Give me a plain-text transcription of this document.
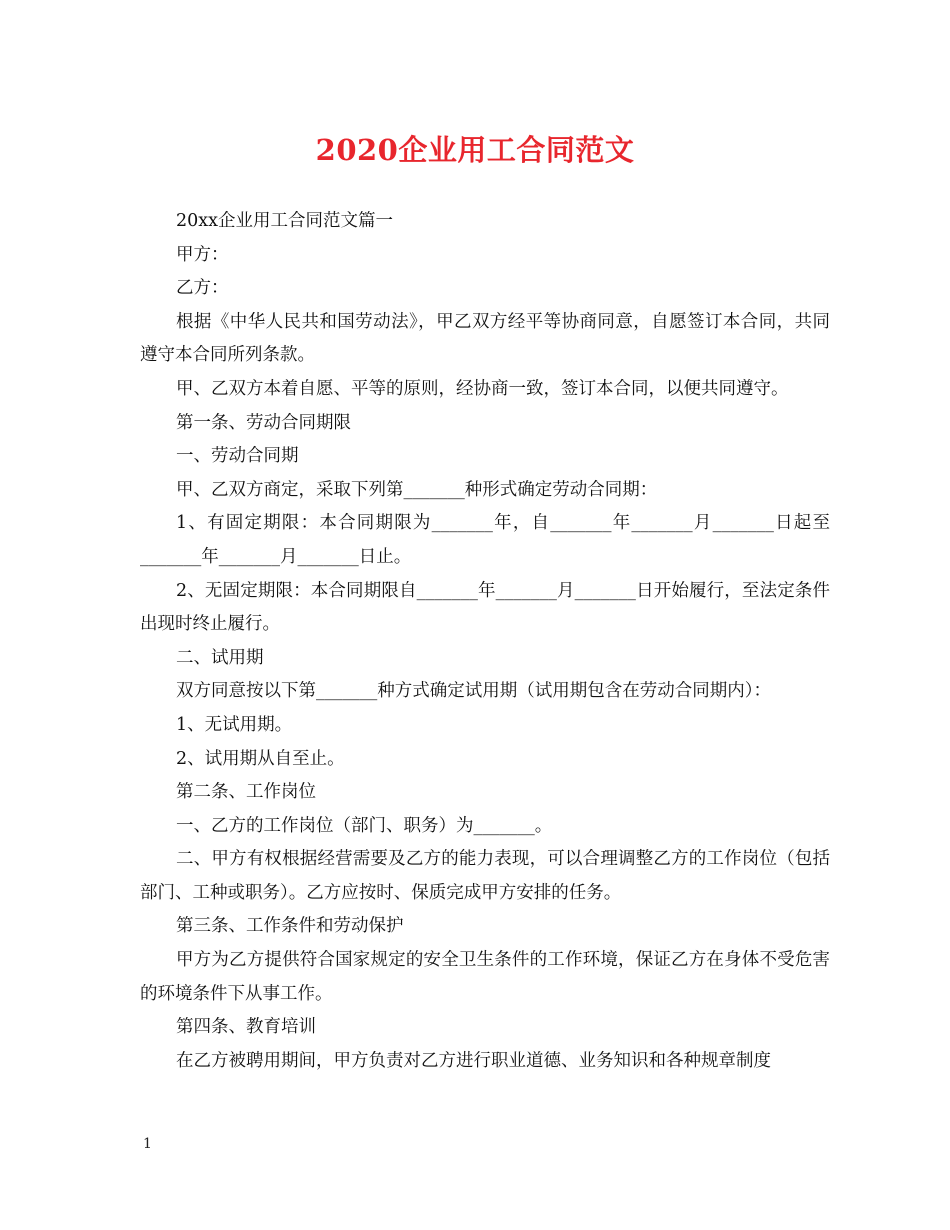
2020企业用工合同范文

20xx企业用工合同范文篇一

甲方：

乙方：

根据《中华人民共和国劳动法》，甲乙双方经平等协商同意，自愿签订本合同，共同遵守本合同所列条款。

甲、乙双方本着自愿、平等的原则，经协商一致，签订本合同，以便共同遵守。

第一条、劳动合同期限

一、劳动合同期

甲、乙双方商定，采取下列第_______种形式确定劳动合同期：

1、有固定期限：本合同期限为_______年，自_______年_______月_______日起至_______年_______月_______日止。

2、无固定期限：本合同期限自_______年_______月_______日开始履行，至法定条件出现时终止履行。

二、试用期

双方同意按以下第_______种方式确定试用期（试用期包含在劳动合同期内）：

1、无试用期。

2、试用期从自至止。

第二条、工作岗位

一、乙方的工作岗位（部门、职务）为_______。

二、甲方有权根据经营需要及乙方的能力表现，可以合理调整乙方的工作岗位（包括部门、工种或职务）。乙方应按时、保质完成甲方安排的任务。

第三条、工作条件和劳动保护

甲方为乙方提供符合国家规定的安全卫生条件的工作环境，保证乙方在身体不受危害的环境条件下从事工作。

第四条、教育培训

在乙方被聘用期间，甲方负责对乙方进行职业道德、业务知识和各种规章制度

1
